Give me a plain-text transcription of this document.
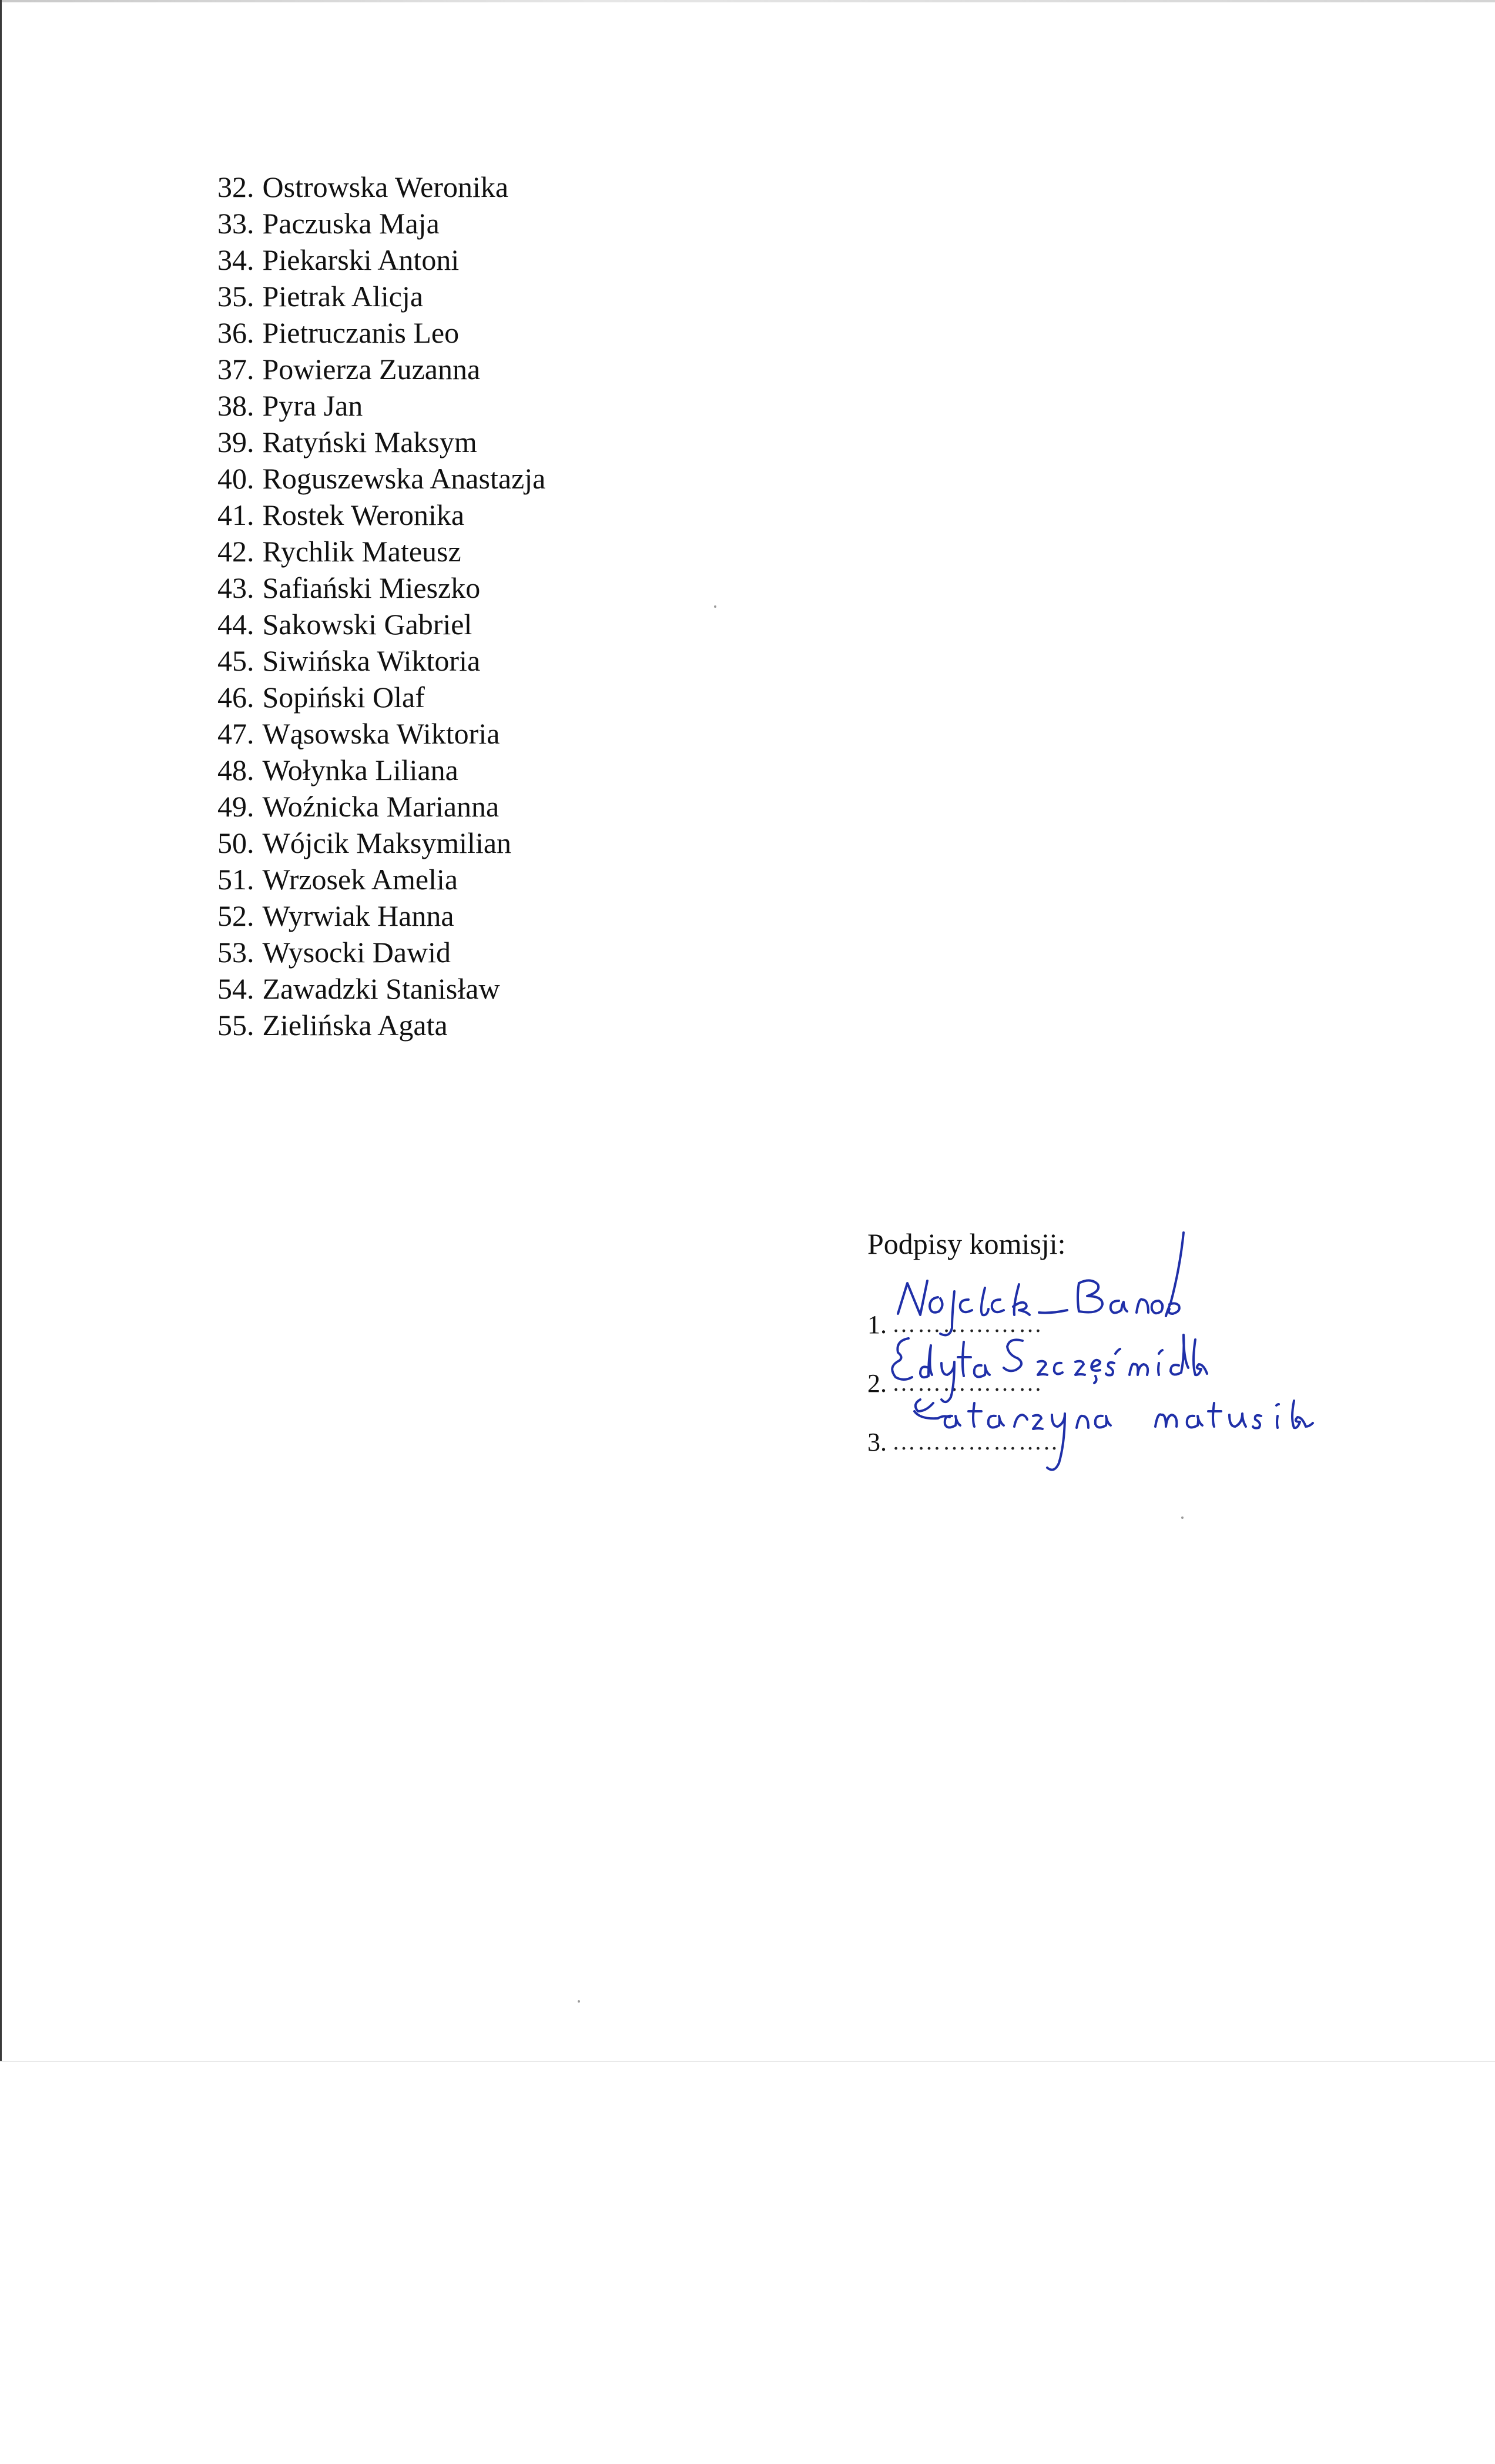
32. Ostrowska Weronika
33. Paczuska Maja
34. Piekarski Antoni
35. Pietrak Alicja
36. Pietruczanis Leo
37. Powierza Zuzanna
38. Pyra Jan
39. Ratyński Maksym
40. Roguszewska Anastazja
41. Rostek Weronika
42. Rychlik Mateusz
43. Safiański Mieszko
44. Sakowski Gabriel
45. Siwińska Wiktoria
46. Sopiński Olaf
47. Wąsowska Wiktoria
48. Wołynka Liliana
49. Woźnicka Marianna
50. Wójcik Maksymilian
51. Wrzosek Amelia
52. Wyrwiak Hanna
53. Wysocki Dawid
54. Zawadzki Stanisław
55. Zielińska Agata
Podpisy komisji:
1. ………………
2. ………………
3. ………………..
